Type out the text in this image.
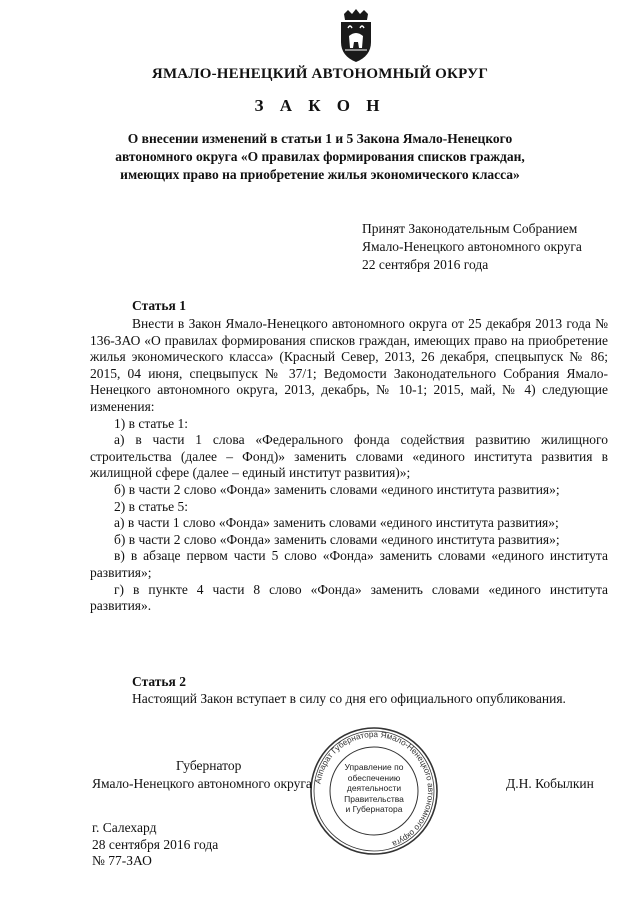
ЯМАЛО-НЕНЕЦКИЙ АВТОНОМНЫЙ ОКРУГ
З А К О Н
О внесении изменений в статьи 1 и 5 Закона Ямало-Ненецкого
автономного округа «О правилах формирования списков граждан,
имеющих право на приобретение жилья экономического класса»
Принят Законодательным Собранием
Ямало-Ненецкого автономного округа
22 сентября 2016 года
Статья 1

Внести в Закон Ямало-Ненецкого автономного округа от 25 декабря 2013 года № 136-ЗАО «О правилах формирования списков граждан, имеющих право на приобретение жилья экономического класса» (Красный Север, 2013, 26 декабря, спецвыпуск № 86; 2015, 04 июня, спецвыпуск № 37/1; Ведомости Законодательного Собрания Ямало-Ненецкого автономного округа, 2013, декабрь, № 10-1; 2015, май, № 4) следующие изменения:

1) в статье 1:

а) в части 1 слова «Федерального фонда содействия развитию жилищного строительства (далее – Фонд)» заменить словами «единого института развития в жилищной сфере (далее – единый институт развития)»;

б) в части 2 слово «Фонда» заменить словами «единого института развития»;

2) в статье 5:

а) в части 1 слово «Фонда» заменить словами «единого института развития»;

б) в части 2 слово «Фонда» заменить словами «единого института развития»;

в) в абзаце первом части 5 слово «Фонда» заменить словами «единого института развития»;

г) в пункте 4 части 8 слово «Фонда» заменить словами «единого института развития».

Статья 2

Настоящий Закон вступает в силу со дня его официального опубликования.

Аппарат Губернатора Ямало-Ненецкого автономного округа
Управление по
обеспечению
деятельности
Правительства
и Губернатора
Губернатор
Ямало-Ненецкого автономного округа	Д.Н. Кобылкин
г. Салехард
28 сентября 2016 года
№ 77-ЗАО
